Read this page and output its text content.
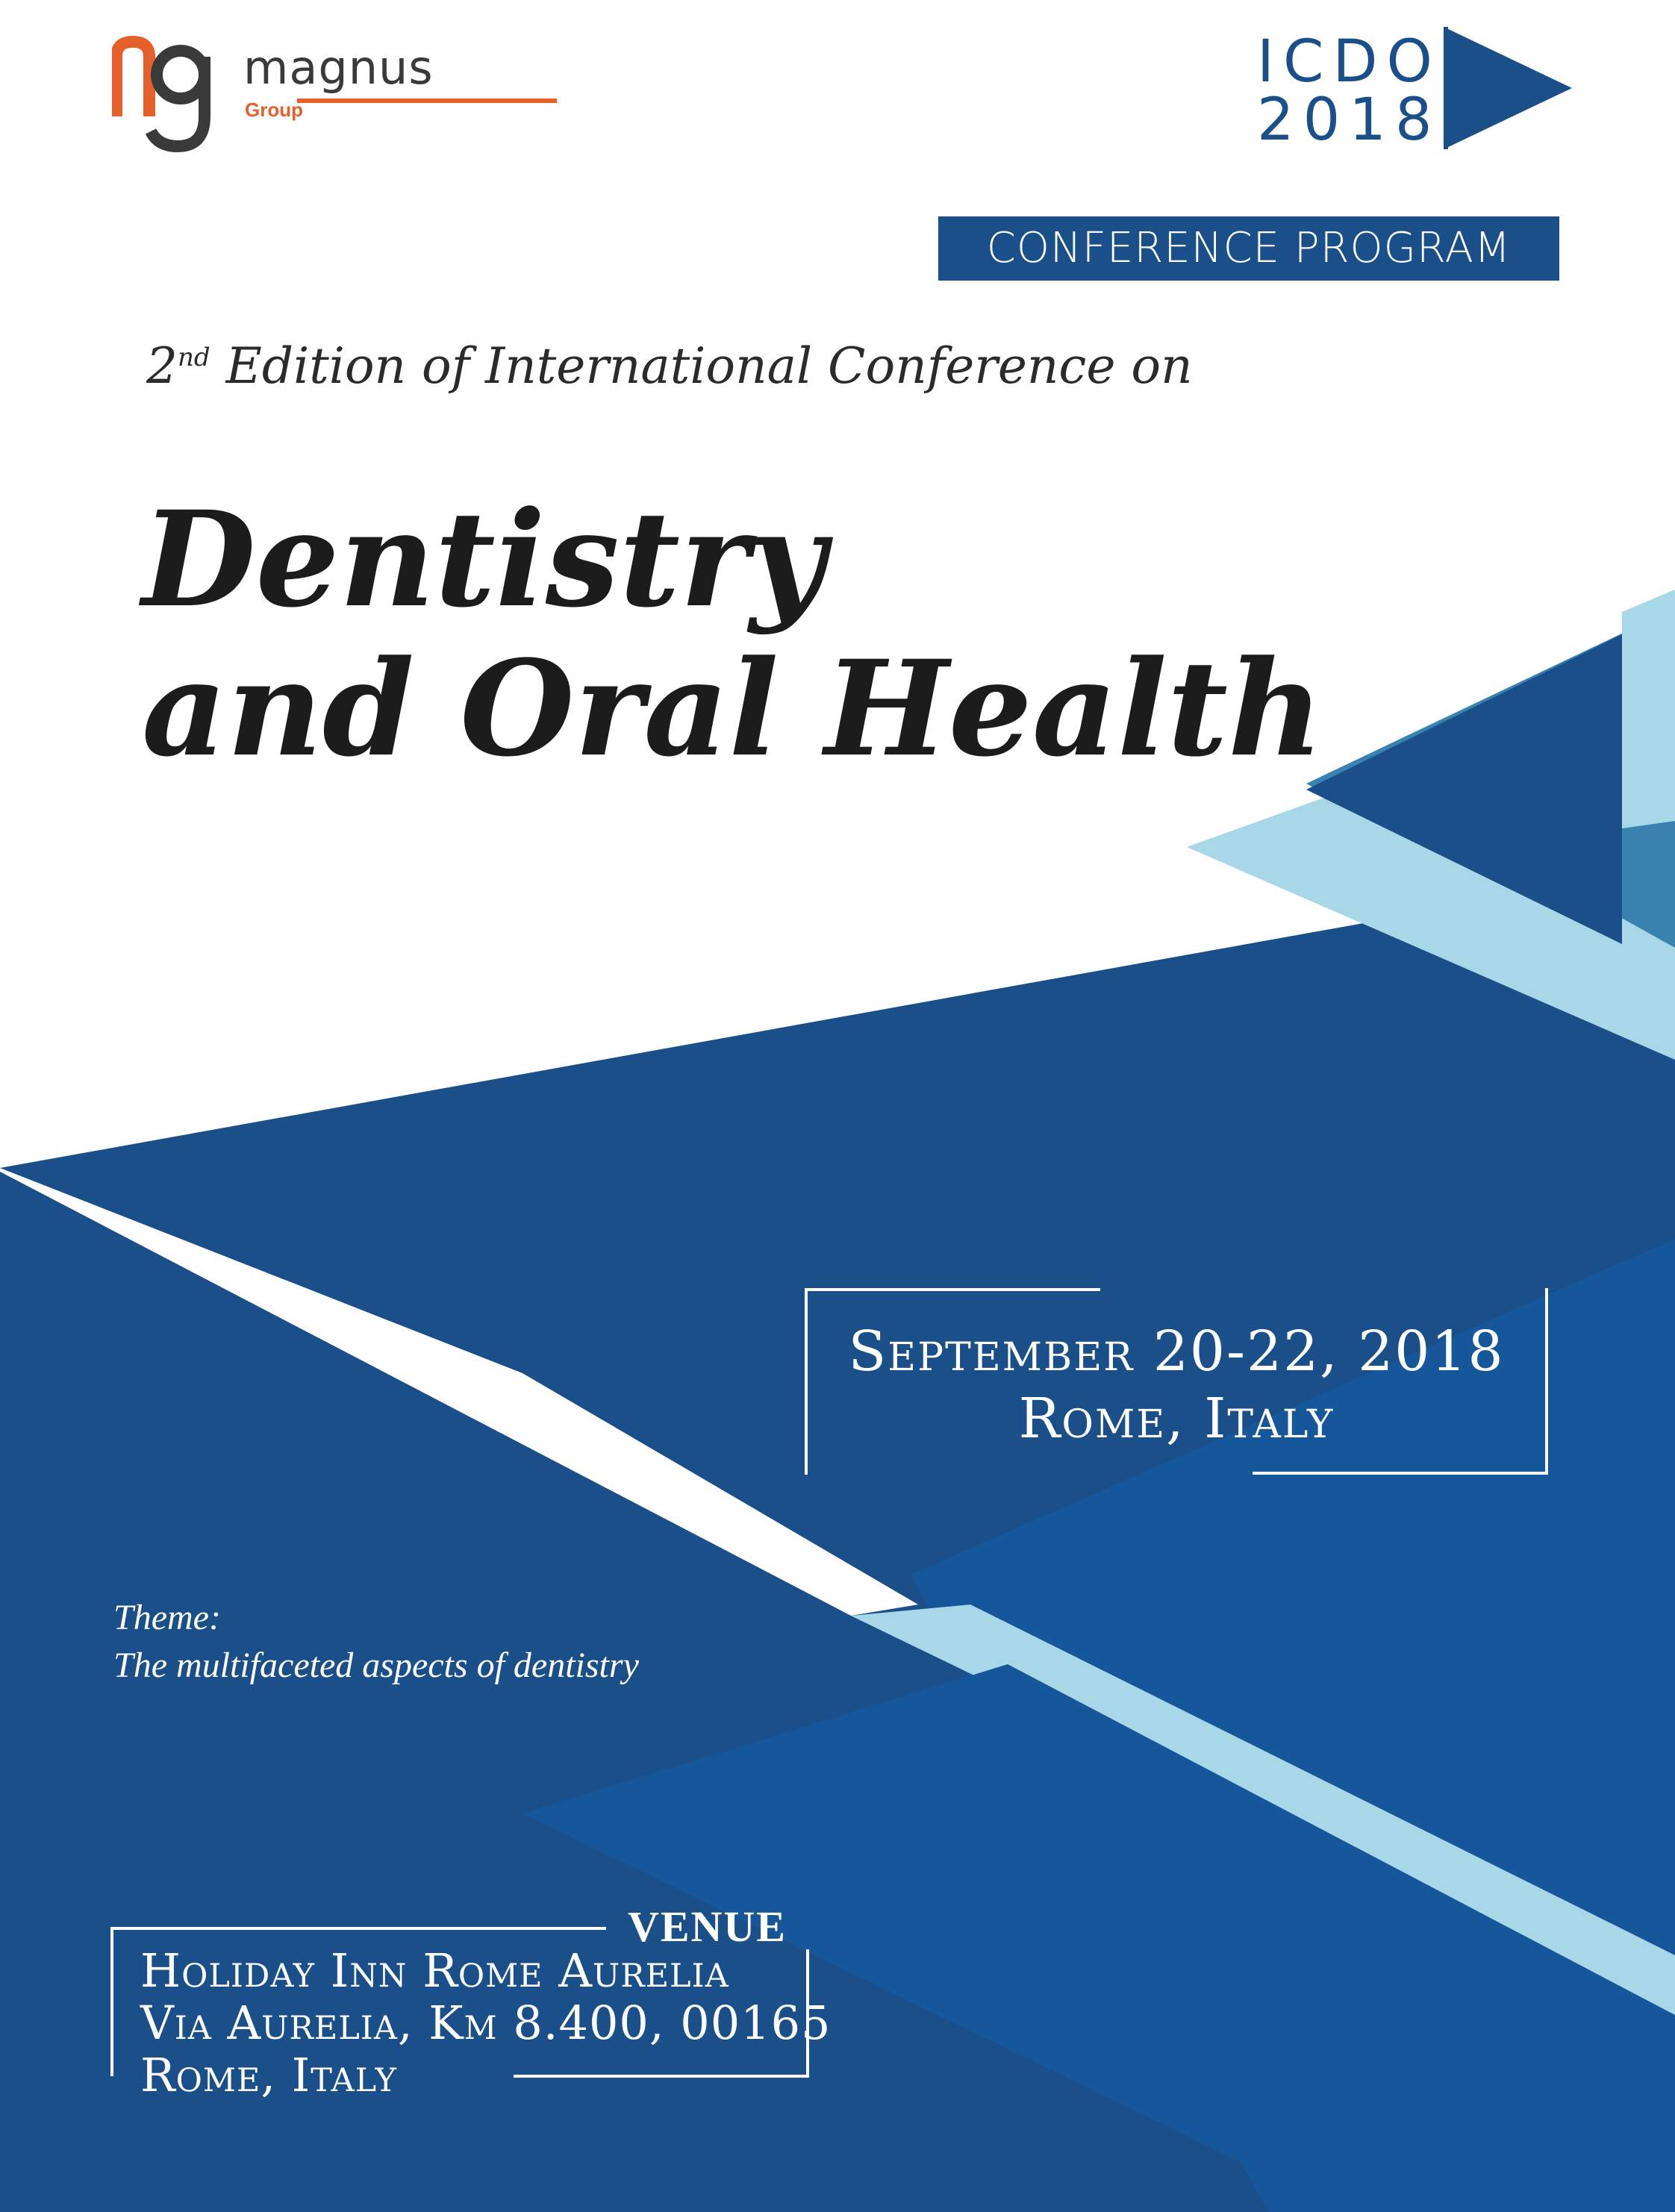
magnus
Group
ICDO
2018
CONFERENCE PROGRAM
2nd Edition of International Conference on
Dentistry
and Oral Health
September 20-22, 2018
Rome, Italy
Theme:
The multifaceted aspects of dentistry
VENUE
Holiday Inn Rome Aurelia
Via Aurelia, Km 8.400, 00165
Rome, Italy
